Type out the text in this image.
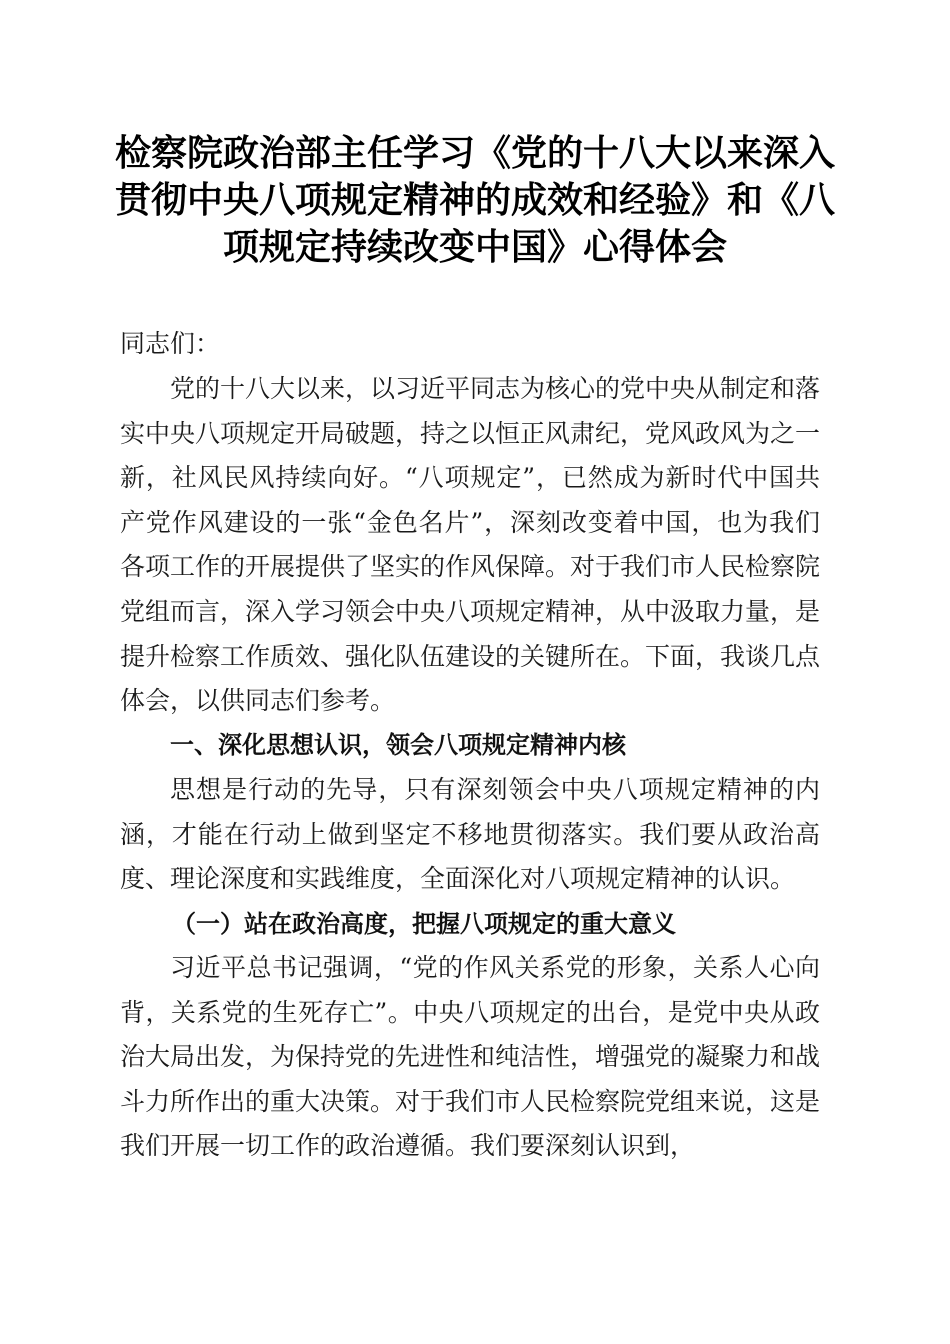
检察院政治部主任学习《党的十八大以来深入贯彻中央八项规定精神的成效和经验》和《八项规定持续改变中国》心得体会

同志们：

党的十八大以来，以习近平同志为核心的党中央从制定和落实中央八项规定开局破题，持之以恒正风肃纪，党风政风为之一新，社风民风持续向好。“八项规定”，已然成为新时代中国共产党作风建设的一张“金色名片”，深刻改变着中国，也为我们各项工作的开展提供了坚实的作风保障。对于我们市人民检察院党组而言，深入学习领会中央八项规定精神，从中汲取力量，是提升检察工作质效、强化队伍建设的关键所在。下面，我谈几点体会，以供同志们参考。

一、深化思想认识，领会八项规定精神内核

思想是行动的先导，只有深刻领会中央八项规定精神的内涵，才能在行动上做到坚定不移地贯彻落实。我们要从政治高度、理论深度和实践维度，全面深化对八项规定精神的认识。

（一）站在政治高度，把握八项规定的重大意义

习近平总书记强调，“党的作风关系党的形象，关系人心向背，关系党的生死存亡”。中央八项规定的出台，是党中央从政治大局出发，为保持党的先进性和纯洁性，增强党的凝聚力和战斗力所作出的重大决策。对于我们市人民检察院党组来说，这是我们开展一切工作的政治遵循。我们要深刻认识到，
